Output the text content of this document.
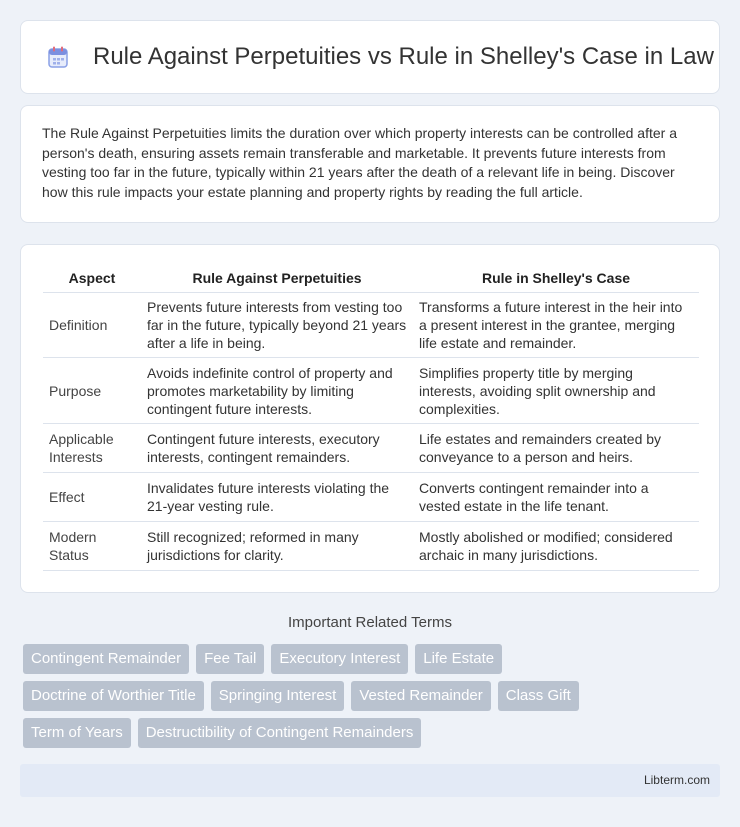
Rule Against Perpetuities vs Rule in Shelley's Case in Law

The Rule Against Perpetuities limits the duration over which property interests can be controlled after a person's death, ensuring assets remain transferable and marketable. It prevents future interests from vesting too far in the future, typically within 21 years after the death of a relevant life in being. Discover how this rule impacts your estate planning and property rights by reading the full article.

Aspect	Rule Against Perpetuities	Rule in Shelley's Case
Definition	Prevents future interests from vesting too far in the future, typically beyond 21 years after a life in being.	Transforms a future interest in the heir into a present interest in the grantee, merging life estate and remainder.
Purpose	Avoids indefinite control of property and promotes marketability by limiting contingent future interests.	Simplifies property title by merging interests, avoiding split ownership and complexities.
Applicable Interests	Contingent future interests, executory interests, contingent remainders.	Life estates and remainders created by conveyance to a person and heirs.
Effect	Invalidates future interests violating the 21-year vesting rule.	Converts contingent remainder into a vested estate in the life tenant.
Modern Status	Still recognized; reformed in many jurisdictions for clarity.	Mostly abolished or modified; considered archaic in many jurisdictions.
Important Related Terms
Contingent Remainder	Fee Tail	Executory Interest	Life Estate
Doctrine of Worthier Title	Springing Interest	Vested Remainder	Class Gift
Term of Years	Destructibility of Contingent Remainders
Libterm.com
